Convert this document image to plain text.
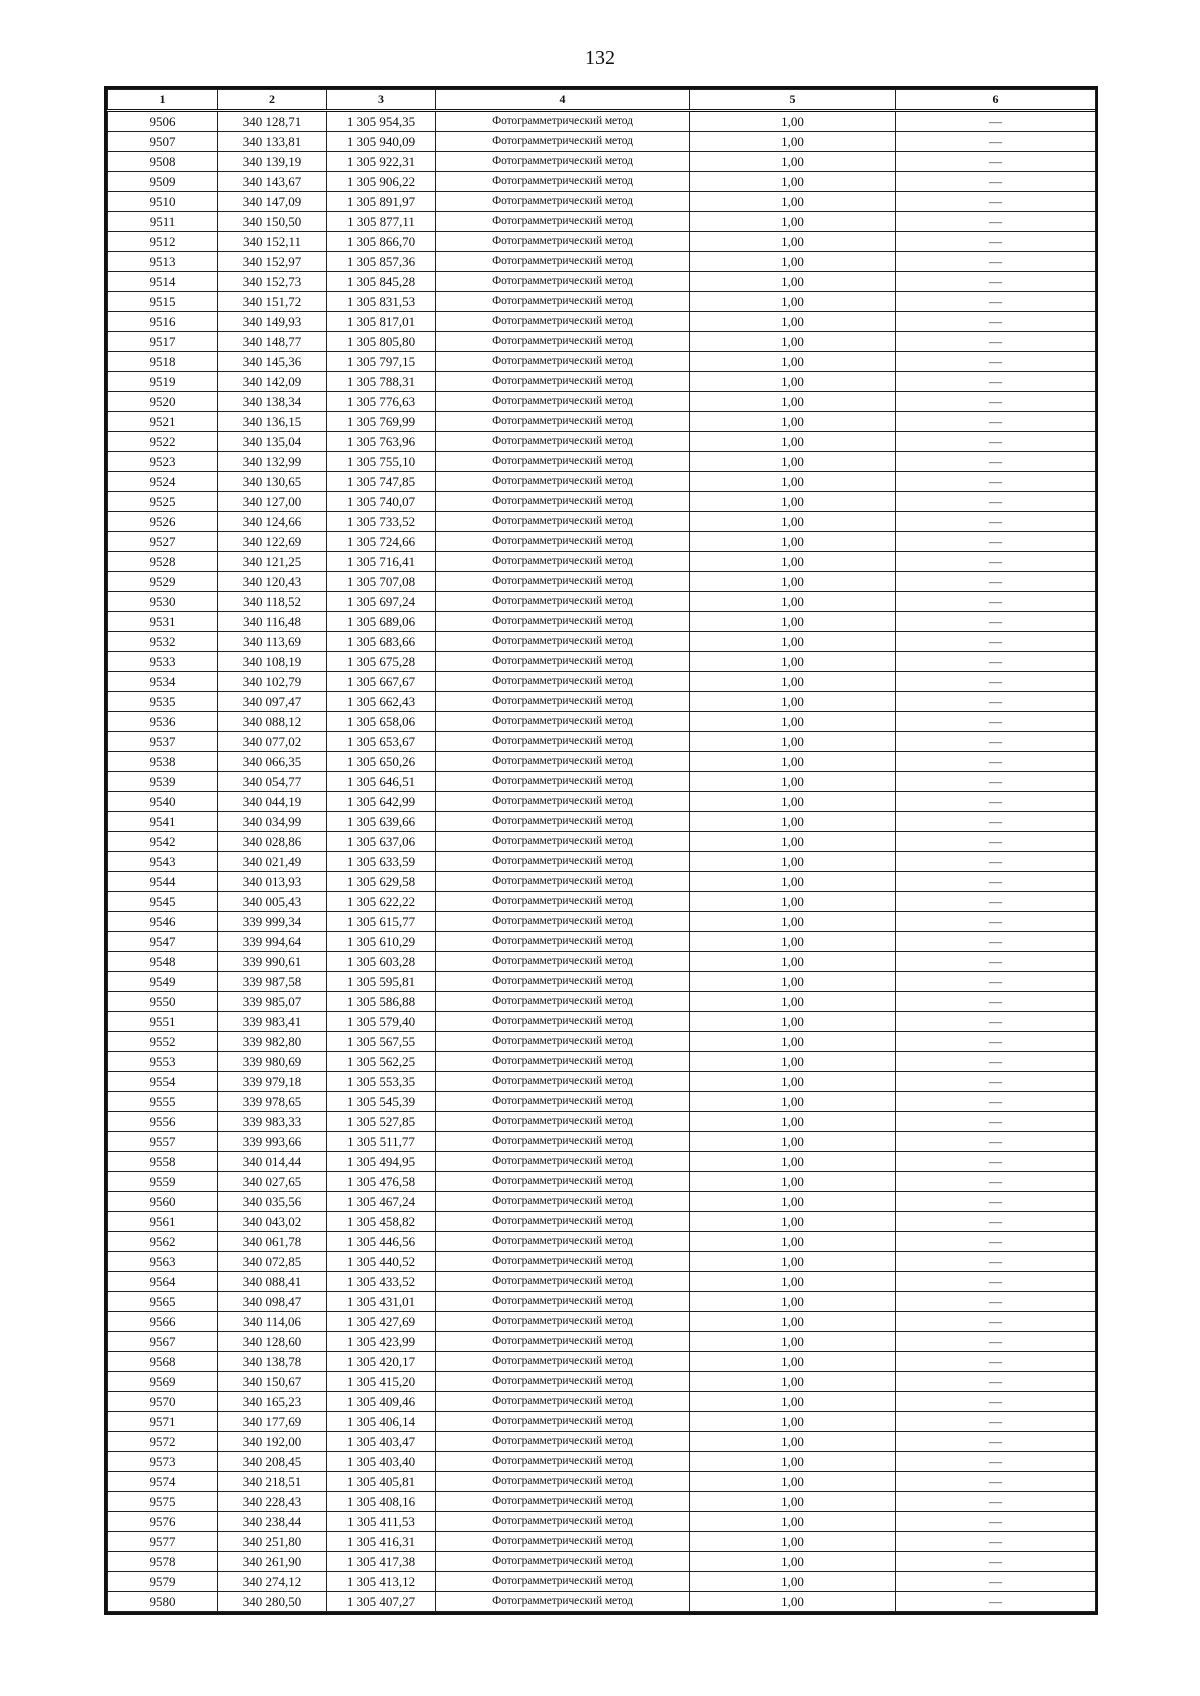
132
1	2	3	4	5	6
9506	340 128,71	1 305 954,35	Фотограмметрический метод	1,00	—
9507	340 133,81	1 305 940,09	Фотограмметрический метод	1,00	—
9508	340 139,19	1 305 922,31	Фотограмметрический метод	1,00	—
9509	340 143,67	1 305 906,22	Фотограмметрический метод	1,00	—
9510	340 147,09	1 305 891,97	Фотограмметрический метод	1,00	—
9511	340 150,50	1 305 877,11	Фотограмметрический метод	1,00	—
9512	340 152,11	1 305 866,70	Фотограмметрический метод	1,00	—
9513	340 152,97	1 305 857,36	Фотограмметрический метод	1,00	—
9514	340 152,73	1 305 845,28	Фотограмметрический метод	1,00	—
9515	340 151,72	1 305 831,53	Фотограмметрический метод	1,00	—
9516	340 149,93	1 305 817,01	Фотограмметрический метод	1,00	—
9517	340 148,77	1 305 805,80	Фотограмметрический метод	1,00	—
9518	340 145,36	1 305 797,15	Фотограмметрический метод	1,00	—
9519	340 142,09	1 305 788,31	Фотограмметрический метод	1,00	—
9520	340 138,34	1 305 776,63	Фотограмметрический метод	1,00	—
9521	340 136,15	1 305 769,99	Фотограмметрический метод	1,00	—
9522	340 135,04	1 305 763,96	Фотограмметрический метод	1,00	—
9523	340 132,99	1 305 755,10	Фотограмметрический метод	1,00	—
9524	340 130,65	1 305 747,85	Фотограмметрический метод	1,00	—
9525	340 127,00	1 305 740,07	Фотограмметрический метод	1,00	—
9526	340 124,66	1 305 733,52	Фотограмметрический метод	1,00	—
9527	340 122,69	1 305 724,66	Фотограмметрический метод	1,00	—
9528	340 121,25	1 305 716,41	Фотограмметрический метод	1,00	—
9529	340 120,43	1 305 707,08	Фотограмметрический метод	1,00	—
9530	340 118,52	1 305 697,24	Фотограмметрический метод	1,00	—
9531	340 116,48	1 305 689,06	Фотограмметрический метод	1,00	—
9532	340 113,69	1 305 683,66	Фотограмметрический метод	1,00	—
9533	340 108,19	1 305 675,28	Фотограмметрический метод	1,00	—
9534	340 102,79	1 305 667,67	Фотограмметрический метод	1,00	—
9535	340 097,47	1 305 662,43	Фотограмметрический метод	1,00	—
9536	340 088,12	1 305 658,06	Фотограмметрический метод	1,00	—
9537	340 077,02	1 305 653,67	Фотограмметрический метод	1,00	—
9538	340 066,35	1 305 650,26	Фотограмметрический метод	1,00	—
9539	340 054,77	1 305 646,51	Фотограмметрический метод	1,00	—
9540	340 044,19	1 305 642,99	Фотограмметрический метод	1,00	—
9541	340 034,99	1 305 639,66	Фотограмметрический метод	1,00	—
9542	340 028,86	1 305 637,06	Фотограмметрический метод	1,00	—
9543	340 021,49	1 305 633,59	Фотограмметрический метод	1,00	—
9544	340 013,93	1 305 629,58	Фотограмметрический метод	1,00	—
9545	340 005,43	1 305 622,22	Фотограмметрический метод	1,00	—
9546	339 999,34	1 305 615,77	Фотограмметрический метод	1,00	—
9547	339 994,64	1 305 610,29	Фотограмметрический метод	1,00	—
9548	339 990,61	1 305 603,28	Фотограмметрический метод	1,00	—
9549	339 987,58	1 305 595,81	Фотограмметрический метод	1,00	—
9550	339 985,07	1 305 586,88	Фотограмметрический метод	1,00	—
9551	339 983,41	1 305 579,40	Фотограмметрический метод	1,00	—
9552	339 982,80	1 305 567,55	Фотограмметрический метод	1,00	—
9553	339 980,69	1 305 562,25	Фотограмметрический метод	1,00	—
9554	339 979,18	1 305 553,35	Фотограмметрический метод	1,00	—
9555	339 978,65	1 305 545,39	Фотограмметрический метод	1,00	—
9556	339 983,33	1 305 527,85	Фотограмметрический метод	1,00	—
9557	339 993,66	1 305 511,77	Фотограмметрический метод	1,00	—
9558	340 014,44	1 305 494,95	Фотограмметрический метод	1,00	—
9559	340 027,65	1 305 476,58	Фотограмметрический метод	1,00	—
9560	340 035,56	1 305 467,24	Фотограмметрический метод	1,00	—
9561	340 043,02	1 305 458,82	Фотограмметрический метод	1,00	—
9562	340 061,78	1 305 446,56	Фотограмметрический метод	1,00	—
9563	340 072,85	1 305 440,52	Фотограмметрический метод	1,00	—
9564	340 088,41	1 305 433,52	Фотограмметрический метод	1,00	—
9565	340 098,47	1 305 431,01	Фотограмметрический метод	1,00	—
9566	340 114,06	1 305 427,69	Фотограмметрический метод	1,00	—
9567	340 128,60	1 305 423,99	Фотограмметрический метод	1,00	—
9568	340 138,78	1 305 420,17	Фотограмметрический метод	1,00	—
9569	340 150,67	1 305 415,20	Фотограмметрический метод	1,00	—
9570	340 165,23	1 305 409,46	Фотограмметрический метод	1,00	—
9571	340 177,69	1 305 406,14	Фотограмметрический метод	1,00	—
9572	340 192,00	1 305 403,47	Фотограмметрический метод	1,00	—
9573	340 208,45	1 305 403,40	Фотограмметрический метод	1,00	—
9574	340 218,51	1 305 405,81	Фотограмметрический метод	1,00	—
9575	340 228,43	1 305 408,16	Фотограмметрический метод	1,00	—
9576	340 238,44	1 305 411,53	Фотограмметрический метод	1,00	—
9577	340 251,80	1 305 416,31	Фотограмметрический метод	1,00	—
9578	340 261,90	1 305 417,38	Фотограмметрический метод	1,00	—
9579	340 274,12	1 305 413,12	Фотограмметрический метод	1,00	—
9580	340 280,50	1 305 407,27	Фотограмметрический метод	1,00	—
